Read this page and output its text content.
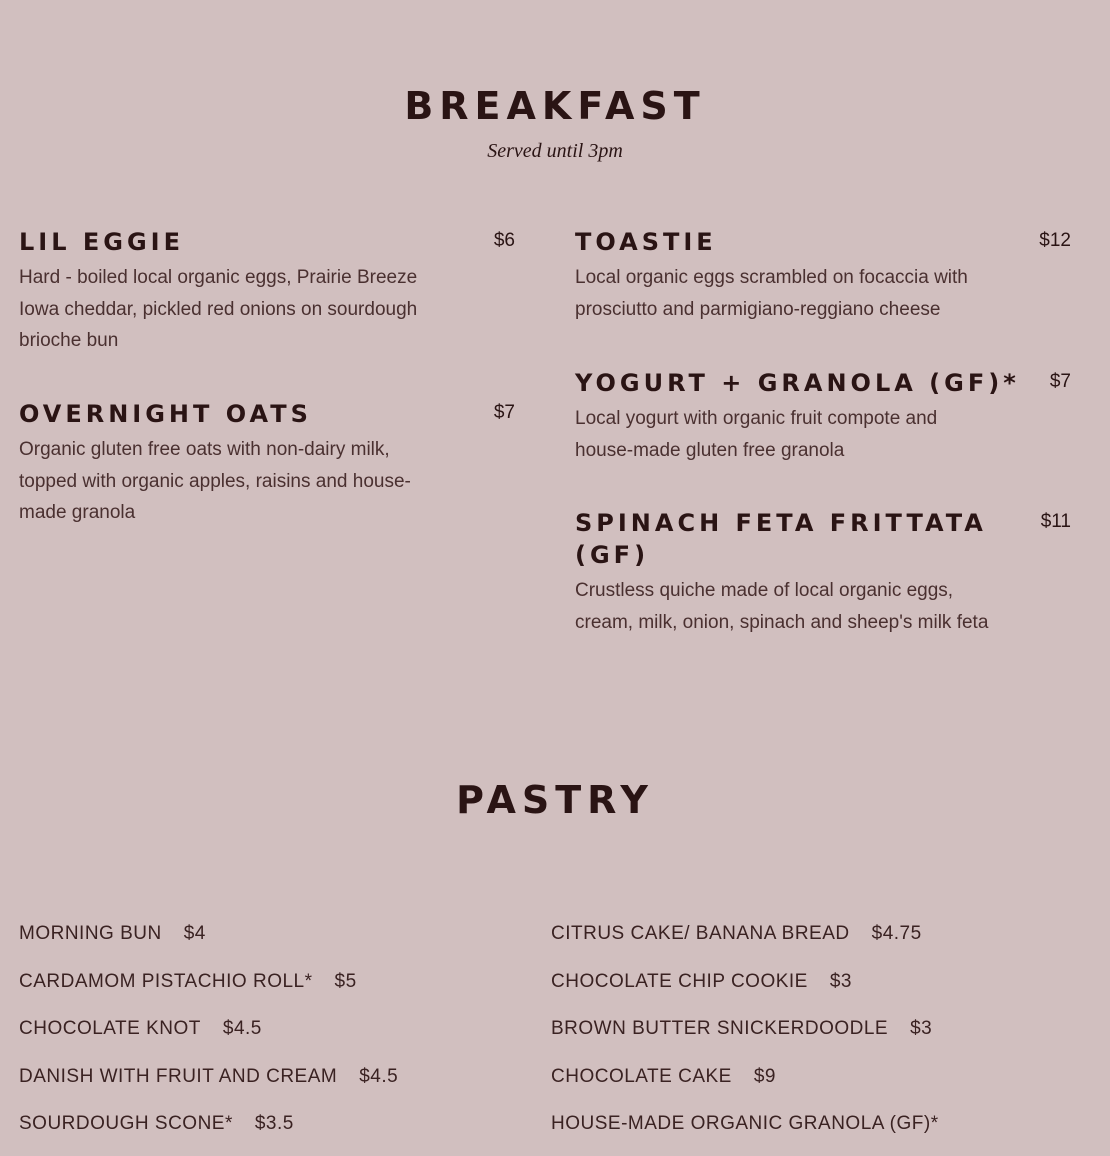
BREAKFAST
Served until 3pm
LIL EGGIE	$6
Hard - boiled local organic eggs, Prairie Breeze Iowa cheddar, pickled red onions on sourdough brioche bun
OVERNIGHT OATS	$7
Organic gluten free oats with non-dairy milk, topped with organic apples, raisins and house-made granola
TOASTIE	$12
Local organic eggs scrambled on focaccia with prosciutto and parmigiano-reggiano cheese
YOGURT + GRANOLA (GF)* $7
Local yogurt with organic fruit compote and house-made gluten free granola
SPINACH FETA FRITTATA (GF)
$11
Crustless quiche made of local organic eggs, cream, milk, onion, spinach and sheep's milk feta
PASTRY
MORNING BUN $4
CARDAMOM PISTACHIO ROLL* $5
CHOCOLATE KNOT $4.5
DANISH WITH FRUIT AND CREAM $4.5
SOURDOUGH SCONE* $3.5
CITRUS CAKE/ BANANA BREAD $4.75
CHOCOLATE CHIP COOKIE $3
BROWN BUTTER SNICKERDOODLE $3
CHOCOLATE CAKE $9
HOUSE-MADE ORGANIC GRANOLA (GF)*
